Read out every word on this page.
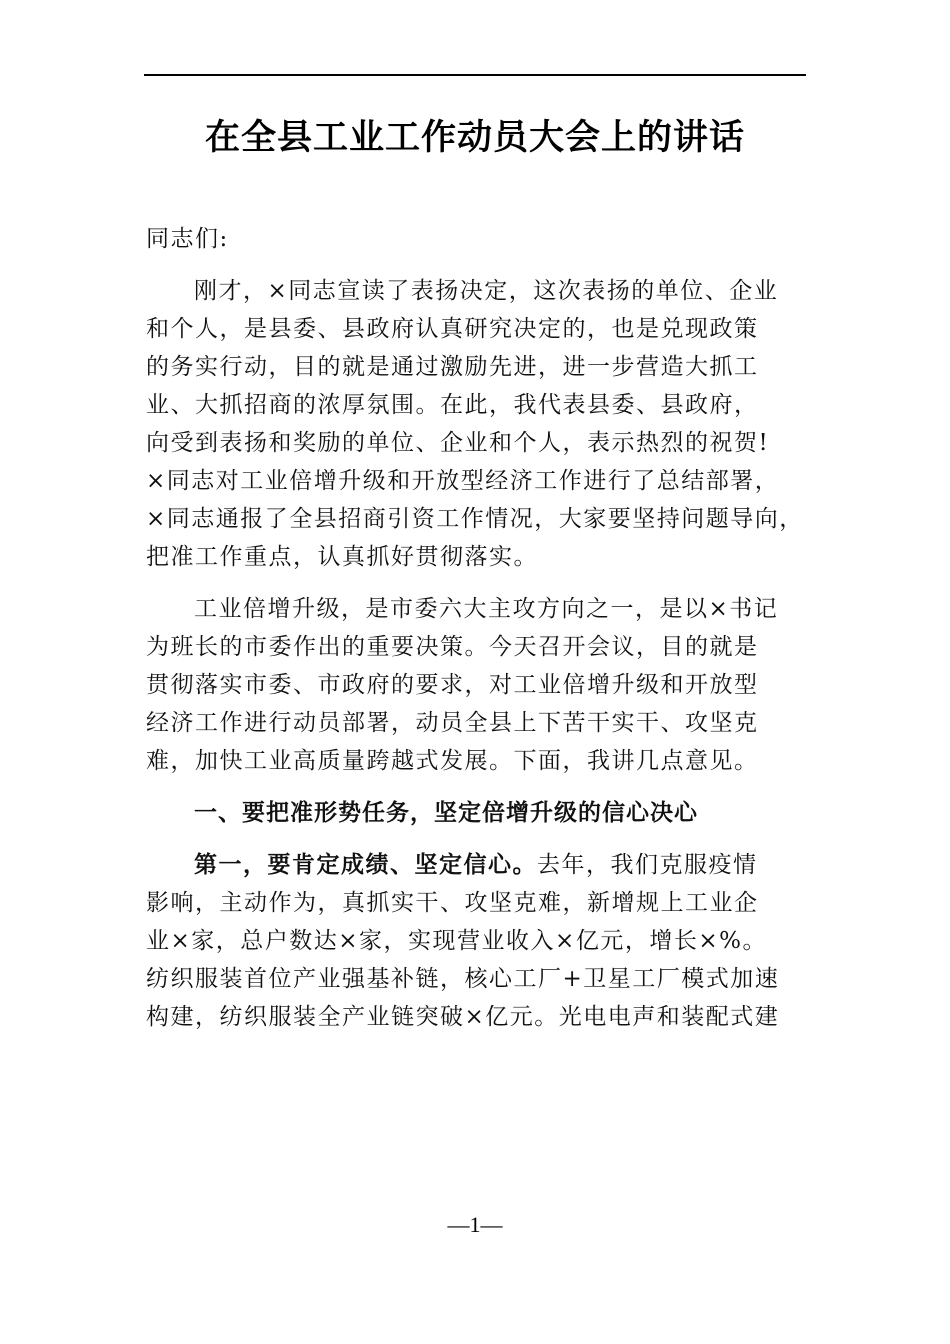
在全县工业工作动员大会上的讲话
同志们:
刚才，×同志宣读了表扬决定，这次表扬的单位、企业
和个人，是县委、县政府认真研究决定的，也是兑现政策
的务实行动，目的就是通过激励先进，进一步营造大抓工
业、大抓招商的浓厚氛围。在此，我代表县委、县政府，
向受到表扬和奖励的单位、企业和个人，表示热烈的祝贺!
×同志对工业倍增升级和开放型经济工作进行了总结部署，
×同志通报了全县招商引资工作情况，大家要坚持问题导向，
把准工作重点，认真抓好贯彻落实。
工业倍增升级，是市委六大主攻方向之一，是以×书记
为班长的市委作出的重要决策。今天召开会议，目的就是
贯彻落实市委、市政府的要求，对工业倍增升级和开放型
经济工作进行动员部署，动员全县上下苦干实干、攻坚克
难，加快工业高质量跨越式发展。下面，我讲几点意见。
一、要把准形势任务，坚定倍增升级的信心决心
第一，要肯定成绩、坚定信心。去年，我们克服疫情
影响，主动作为，真抓实干、攻坚克难，新增规上工业企
业×家，总户数达×家，实现营业收入×亿元，增长×%。
纺织服装首位产业强基补链，核心工厂+卫星工厂模式加速
构建，纺织服装全产业链突破×亿元。光电电声和装配式建
—1—
